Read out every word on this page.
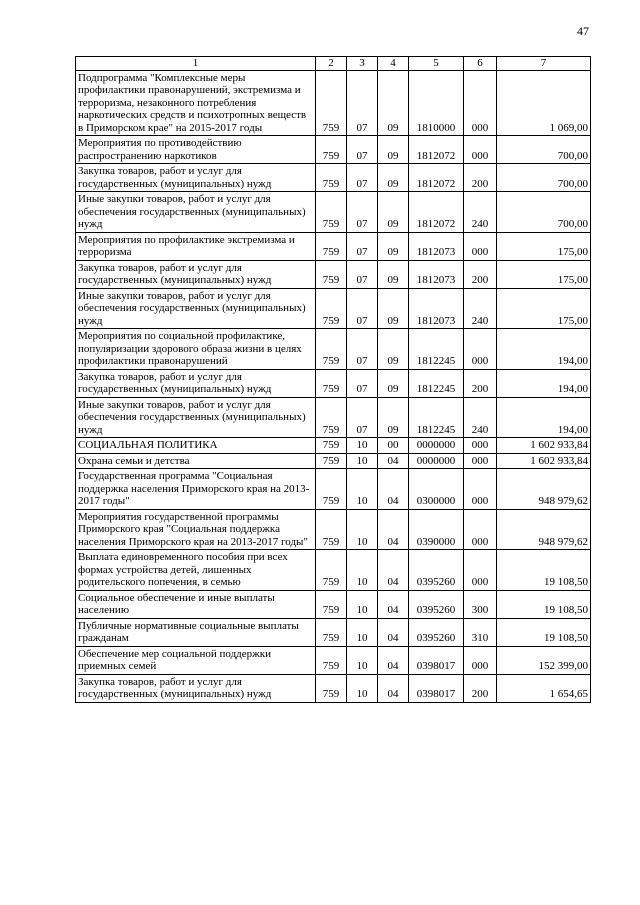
47
1	2	3	4	5	6	7
Подпрограмма "Комплексные меры профилактики правонарушений, экстремизма и терроризма, незаконного потребления наркотических средств и психотропных веществ в Приморском крае" на 2015-2017 годы	759	07	09	1810000	000	1 069,00
Мероприятия по противодействию распространению наркотиков	759	07	09	1812072	000	700,00
Закупка товаров, работ и услуг для государственных (муниципальных) нужд	759	07	09	1812072	200	700,00
Иные закупки товаров, работ и услуг для обеспечения государственных (муниципальных) нужд	759	07	09	1812072	240	700,00
Мероприятия по профилактике экстремизма и терроризма	759	07	09	1812073	000	175,00
Закупка товаров, работ и услуг для государственных (муниципальных) нужд	759	07	09	1812073	200	175,00
Иные закупки товаров, работ и услуг для обеспечения государственных (муниципальных) нужд	759	07	09	1812073	240	175,00
Мероприятия по социальной профилактике, популяризации здорового образа жизни в целях профилактики правонарушений	759	07	09	1812245	000	194,00
Закупка товаров, работ и услуг для государственных (муниципальных) нужд	759	07	09	1812245	200	194,00
Иные закупки товаров, работ и услуг для обеспечения государственных (муниципальных) нужд	759	07	09	1812245	240	194,00
СОЦИАЛЬНАЯ ПОЛИТИКА	759	10	00	0000000	000	1 602 933,84
Охрана семьи и детства	759	10	04	0000000	000	1 602 933,84
Государственная программа "Социальная поддержка населения Приморского края на 2013-2017 годы"	759	10	04	0300000	000	948 979,62
Мероприятия государственной программы Приморского края "Социальная поддержка населения Приморского края на 2013-2017 годы"	759	10	04	0390000	000	948 979,62
Выплата единовременного пособия при всех формах устройства детей, лишенных родительского попечения, в семью	759	10	04	0395260	000	19 108,50
Социальное обеспечение и иные выплаты населению	759	10	04	0395260	300	19 108,50
Публичные нормативные социальные выплаты гражданам	759	10	04	0395260	310	19 108,50
Обеспечение мер социальной поддержки приемных семей	759	10	04	0398017	000	152 399,00
Закупка товаров, работ и услуг для государственных (муниципальных) нужд	759	10	04	0398017	200	1 654,65
